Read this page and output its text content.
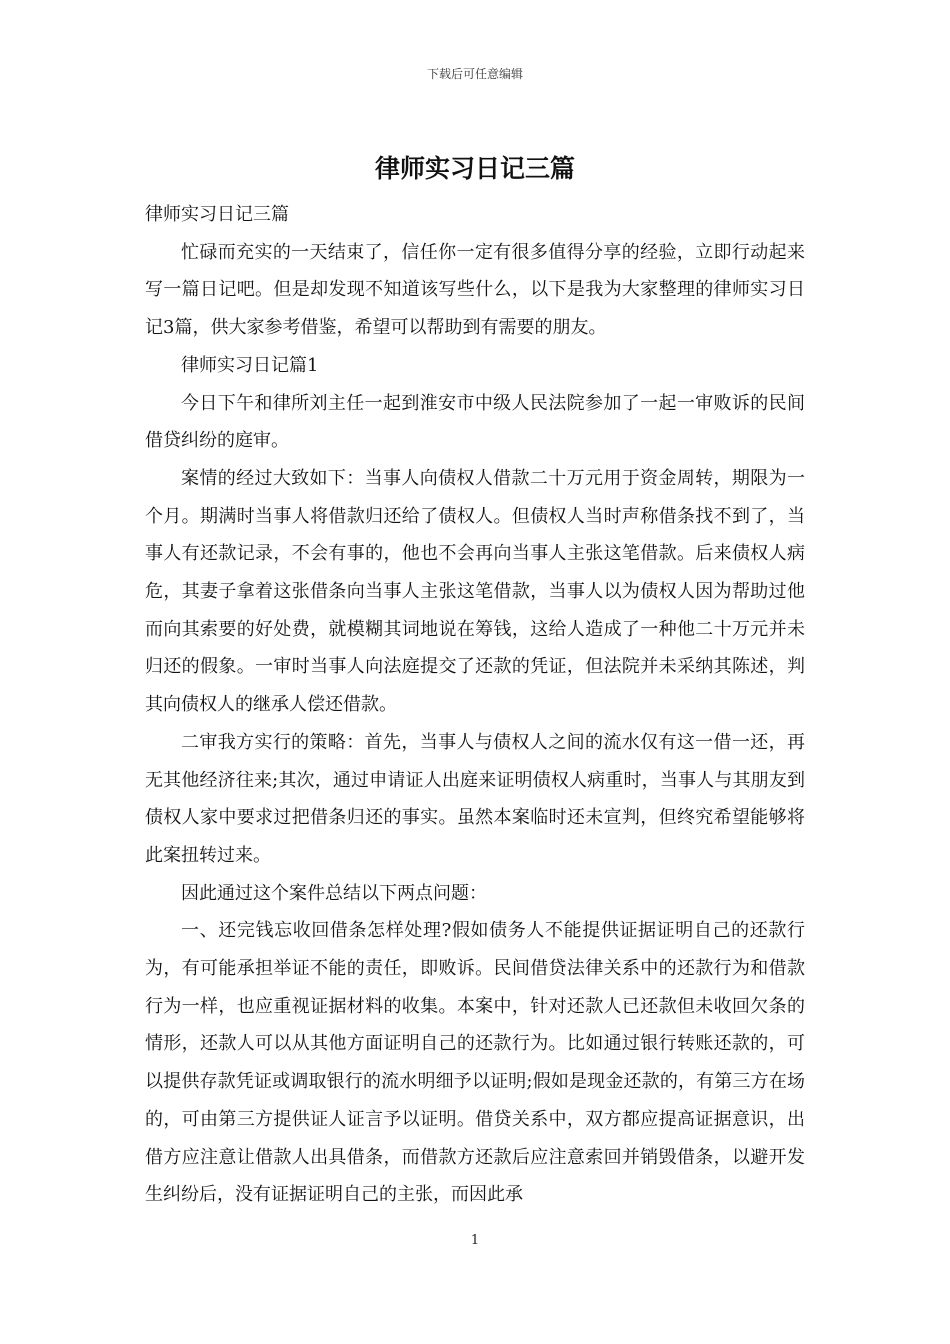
下载后可任意编辑
律师实习日记三篇

律师实习日记三篇

忙碌而充实的一天结束了，信任你一定有很多值得分享的经验，立即行动起来写一篇日记吧。但是却发现不知道该写些什么，以下是我为大家整理的律师实习日记3篇，供大家参考借鉴，希望可以帮助到有需要的朋友。

律师实习日记篇1

今日下午和律所刘主任一起到淮安市中级人民法院参加了一起一审败诉的民间借贷纠纷的庭审。

案情的经过大致如下：当事人向债权人借款二十万元用于资金周转，期限为一个月。期满时当事人将借款归还给了债权人。但债权人当时声称借条找不到了，当事人有还款记录，不会有事的，他也不会再向当事人主张这笔借款。后来债权人病危，其妻子拿着这张借条向当事人主张这笔借款，当事人以为债权人因为帮助过他而向其索要的好处费，就模糊其词地说在筹钱，这给人造成了一种他二十万元并未归还的假象。一审时当事人向法庭提交了还款的凭证，但法院并未采纳其陈述，判其向债权人的继承人偿还借款。

二审我方实行的策略：首先，当事人与债权人之间的流水仅有这一借一还，再无其他经济往来;其次，通过申请证人出庭来证明债权人病重时，当事人与其朋友到债权人家中要求过把借条归还的事实。虽然本案临时还未宣判，但终究希望能够将此案扭转过来。

因此通过这个案件总结以下两点问题：

一、还完钱忘收回借条怎样处理?假如债务人不能提供证据证明自己的还款行为，有可能承担举证不能的责任，即败诉。民间借贷法律关系中的还款行为和借款行为一样，也应重视证据材料的收集。本案中，针对还款人已还款但未收回欠条的情形，还款人可以从其他方面证明自己的还款行为。比如通过银行转账还款的，可以提供存款凭证或调取银行的流水明细予以证明;假如是现金还款的，有第三方在场的，可由第三方提供证人证言予以证明。借贷关系中，双方都应提高证据意识，出借方应注意让借款人出具借条，而借款方还款后应注意索回并销毁借条，以避开发生纠纷后，没有证据证明自己的主张，而因此承

1
